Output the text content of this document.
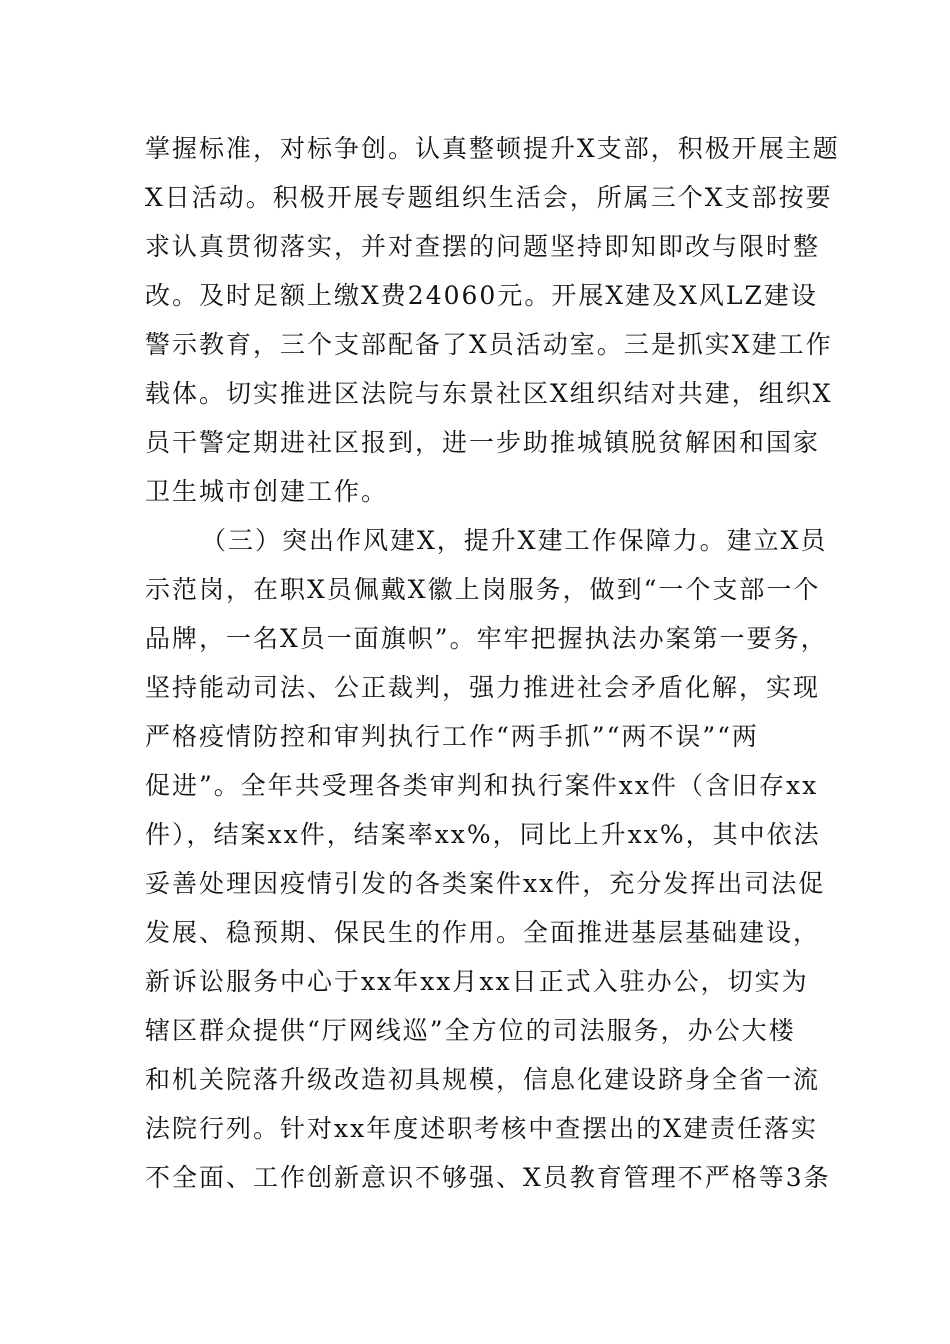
掌握标准，对标争创。认真整顿提升X支部，积极开展主题
X日活动。积极开展专题组织生活会，所属三个X支部按要
求认真贯彻落实，并对查摆的问题坚持即知即改与限时整
改。及时足额上缴X费24060元。开展X建及X风LZ建设
警示教育，三个支部配备了X员活动室。三是抓实X建工作
载体。切实推进区法院与东景社区X组织结对共建，组织X
员干警定期进社区报到，进一步助推城镇脱贫解困和国家
卫生城市创建工作。
（三）突出作风建X，提升X建工作保障力。建立X员
示范岗，在职X员佩戴X徽上岗服务，做到“一个支部一个
品牌，一名X员一面旗帜”。牢牢把握执法办案第一要务，
坚持能动司法、公正裁判，强力推进社会矛盾化解，实现
严格疫情防控和审判执行工作“两手抓”“两不误”“两
促进”。全年共受理各类审判和执行案件xx件（含旧存xx
件），结案xx件，结案率xx%，同比上升xx%，其中依法
妥善处理因疫情引发的各类案件xx件，充分发挥出司法促
发展、稳预期、保民生的作用。全面推进基层基础建设，
新诉讼服务中心于xx年xx月xx日正式入驻办公，切实为
辖区群众提供“厅网线巡”全方位的司法服务，办公大楼
和机关院落升级改造初具规模，信息化建设跻身全省一流
法院行列。针对xx年度述职考核中查摆出的X建责任落实
不全面、工作创新意识不够强、X员教育管理不严格等3条
